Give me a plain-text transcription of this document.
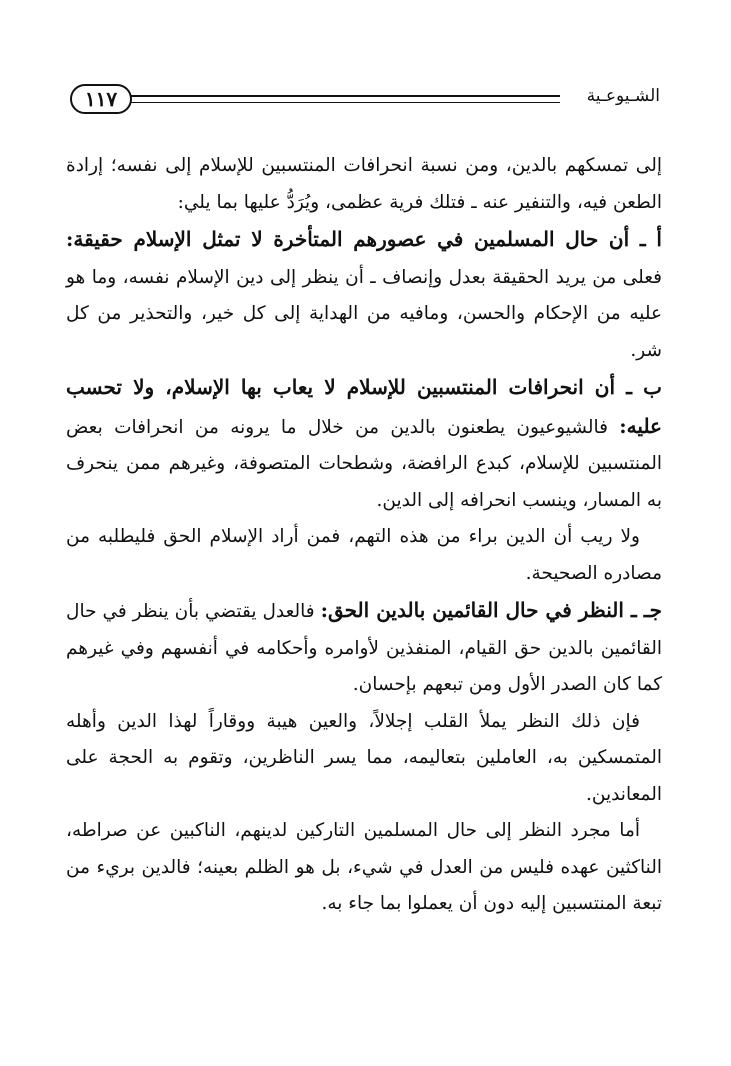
١١٧	الشـيوعـية

إلى تمسكهم بالدين، ومن نسبة انحرافات المنتسبين للإسلام إلى نفسه؛ إرادة الطعن فيه، والتنفير عنه ـ فتلك فرية عظمى، ويُرَدُّ عليها بما يلي:

أ ـ أن حال المسلمين في عصورهم المتأخرة لا تمثل الإسلام حقيقة: فعلى من يريد الحقيقة بعدل وإنصاف ـ أن ينظر إلى دين الإسلام نفسه، وما هو عليه من الإحكام والحسن، ومافيه من الهداية إلى كل خير، والتحذير من كل شر.

ب ـ أن انحرافات المنتسبين للإسلام لا يعاب بها الإسلام، ولا تحسب عليه: فالشيوعيون يطعنون بالدين من خلال ما يرونه من انحرافات بعض المنتسبين للإسلام، كبدع الرافضة، وشطحات المتصوفة، وغيرهم ممن ينحرف به المسار، وينسب انحرافه إلى الدين.

ولا ريب أن الدين براء من هذه التهم، فمن أراد الإسلام الحق فليطلبه من مصادره الصحيحة.

جـ ـ النظر في حال القائمين بالدين الحق: فالعدل يقتضي بأن ينظر في حال القائمين بالدين حق القيام، المنفذين لأوامره وأحكامه في أنفسهم وفي غيرهم كما كان الصدر الأول ومن تبعهم بإحسان.

فإن ذلك النظر يملأ القلب إجلالاً، والعين هيبة ووقاراً لهذا الدين وأهله المتمسكين به، العاملين بتعاليمه، مما يسر الناظرين، وتقوم به الحجة على المعاندين.

أما مجرد النظر إلى حال المسلمين التاركين لدينهم، الناكبين عن صراطه، الناكثين عهده فليس من العدل في شيء، بل هو الظلم بعينه؛ فالدين بريء من تبعة المنتسبين إليه دون أن يعملوا بما جاء به.
